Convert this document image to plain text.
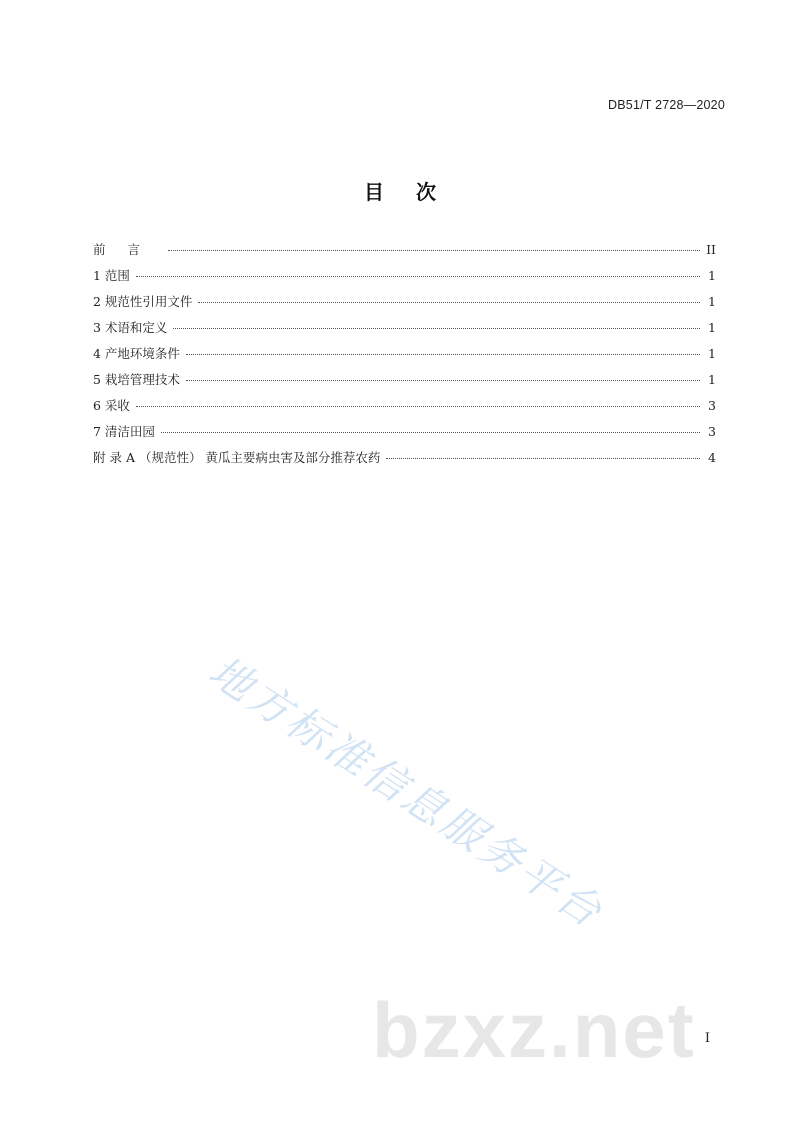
DB51/T 2728—2020
目次
前言	II
1 范围	1
2 规范性引用文件	1
3 术语和定义	1
4 产地环境条件	1
5 栽培管理技术	1
6 采收	3
7 清洁田园	3
附 录 A （规范性） 黄瓜主要病虫害及部分推荐农药	4
地方标准信息服务平台
bzxz.net I
